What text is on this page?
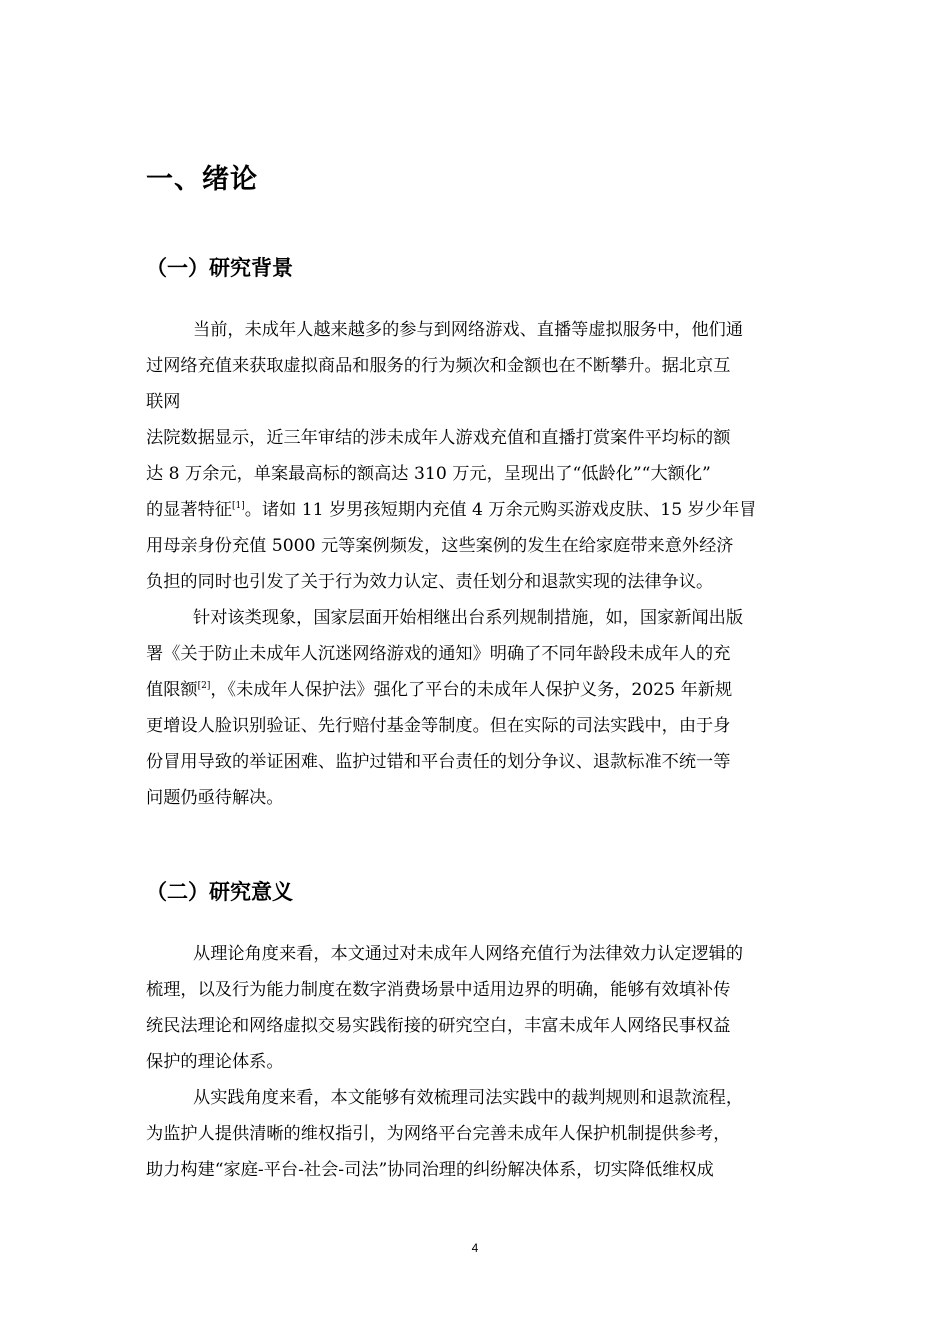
一、绪论
（一）研究背景
当前，未成年人越来越多的参与到网络游戏、直播等虚拟服务中，他们通
过网络充值来获取虚拟商品和服务的行为频次和金额也在不断攀升。据北京互
联网
法院数据显示，近三年审结的涉未成年人游戏充值和直播打赏案件平均标的额
达 8 万余元，单案最高标的额高达 310 万元，呈现出了“低龄化”“大额化”
的显著特征[1]。诸如 11 岁男孩短期内充值 4 万余元购买游戏皮肤、15 岁少年冒
用母亲身份充值 5000 元等案例频发，这些案例的发生在给家庭带来意外经济
负担的同时也引发了关于行为效力认定、责任划分和退款实现的法律争议。
针对该类现象，国家层面开始相继出台系列规制措施，如，国家新闻出版
署《关于防止未成年人沉迷网络游戏的通知》明确了不同年龄段未成年人的充
值限额[2]，《未成年人保护法》强化了平台的未成年人保护义务，2025 年新规
更增设人脸识别验证、先行赔付基金等制度。但在实际的司法实践中，由于身
份冒用导致的举证困难、监护过错和平台责任的划分争议、退款标准不统一等
问题仍亟待解决。
（二）研究意义
从理论角度来看，本文通过对未成年人网络充值行为法律效力认定逻辑的
梳理，以及行为能力制度在数字消费场景中适用边界的明确，能够有效填补传
统民法理论和网络虚拟交易实践衔接的研究空白，丰富未成年人网络民事权益
保护的理论体系。
从实践角度来看，本文能够有效梳理司法实践中的裁判规则和退款流程，
为监护人提供清晰的维权指引，为网络平台完善未成年人保护机制提供参考，
助力构建“家庭-平台-社会-司法”协同治理的纠纷解决体系，切实降低维权成
4
